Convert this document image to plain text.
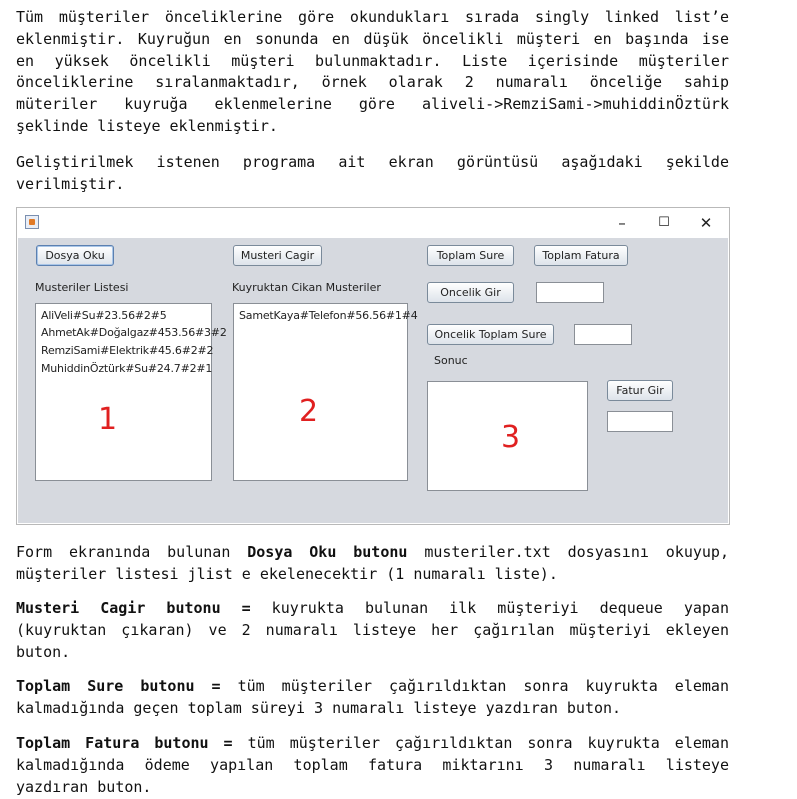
Tüm müşteriler önceliklerine göre okundukları sırada singly linked list’e
eklenmiştir. Kuyruğun en sonunda en düşük öncelikli müşteri en başında ise
en yüksek öncelikli müşteri bulunmaktadır. Liste içerisinde müşteriler
önceliklerine sıralanmaktadır, örnek olarak 2 numaralı önceliğe sahip
müteriler kuyruğa eklenmelerine göre aliveli->RemziSami->muhiddinÖztürk
şeklinde listeye eklenmiştir.

Geliştirilmek istenen programa ait ekran görüntüsü aşağıdaki şekilde
verilmiştir.

–	☐	✕
Dosya Oku	Musteri Cagir	Toplam Sure	Toplam Fatura
Musteriler Listesi	Kuyruktan Cikan Musteriler	Oncelik Gir
AliVeli#Su#23.56#2#5
AhmetAk#Doğalgaz#453.56#3#2
RemziSami#Elektrik#45.6#2#2
MuhiddinÖztürk#Su#24.7#2#1
1
SametKaya#Telefon#56.56#1#4
2
Oncelik Toplam Sure
Sonuc
3
Fatur Gir

Form ekranında bulunan Dosya Oku butonu musteriler.txt dosyasını okuyup,
müşteriler listesi jlist e ekelenecektir (1 numaralı liste).

Musteri Cagir butonu = kuyrukta bulunan ilk müşteriyi dequeue yapan
(kuyruktan çıkaran) ve 2 numaralı listeye her çağırılan müşteriyi ekleyen
buton.

Toplam Sure butonu = tüm müşteriler çağırıldıktan sonra kuyrukta eleman
kalmadığında geçen toplam süreyi 3 numaralı listeye yazdıran buton.

Toplam Fatura butonu = tüm müşteriler çağırıldıktan sonra kuyrukta eleman
kalmadığında ödeme yapılan toplam fatura miktarını 3 numaralı listeye
yazdıran buton.
